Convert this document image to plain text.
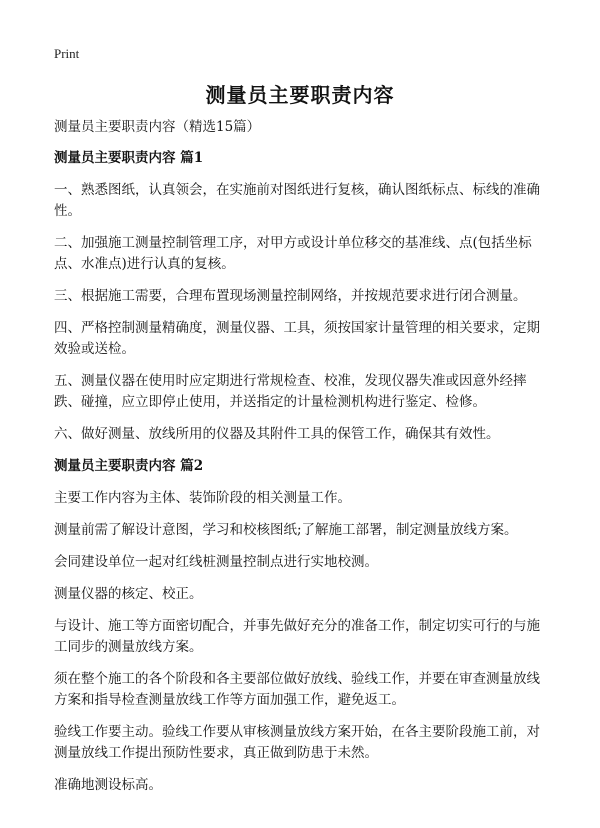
Print
测量员主要职责内容

测量员主要职责内容（精选15篇）

测量员主要职责内容 篇1

一、熟悉图纸，认真领会，在实施前对图纸进行复核，确认图纸标点、标线的准确性。

二、加强施工测量控制管理工序，对甲方或设计单位移交的基准线、点(包括坐标点、水准点)进行认真的复核。

三、根据施工需要，合理布置现场测量控制网络，并按规范要求进行闭合测量。

四、严格控制测量精确度，测量仪器、工具，须按国家计量管理的相关要求，定期效验或送检。

五、测量仪器在使用时应定期进行常规检查、校准，发现仪器失准或因意外经摔跌、碰撞，应立即停止使用，并送指定的计量检测机构进行鉴定、检修。

六、做好测量、放线所用的仪器及其附件工具的保管工作，确保其有效性。

测量员主要职责内容 篇2

主要工作内容为主体、装饰阶段的相关测量工作。

测量前需了解设计意图，学习和校核图纸;了解施工部署，制定测量放线方案。

会同建设单位一起对红线桩测量控制点进行实地校测。

测量仪器的核定、校正。

与设计、施工等方面密切配合，并事先做好充分的准备工作，制定切实可行的与施工同步的测量放线方案。

须在整个施工的各个阶段和各主要部位做好放线、验线工作，并要在审查测量放线方案和指导检查测量放线工作等方面加强工作，避免返工。

验线工作要主动。验线工作要从审核测量放线方案开始，在各主要阶段施工前，对测量放线工作提出预防性要求，真正做到防患于未然。

准确地测设标高。
